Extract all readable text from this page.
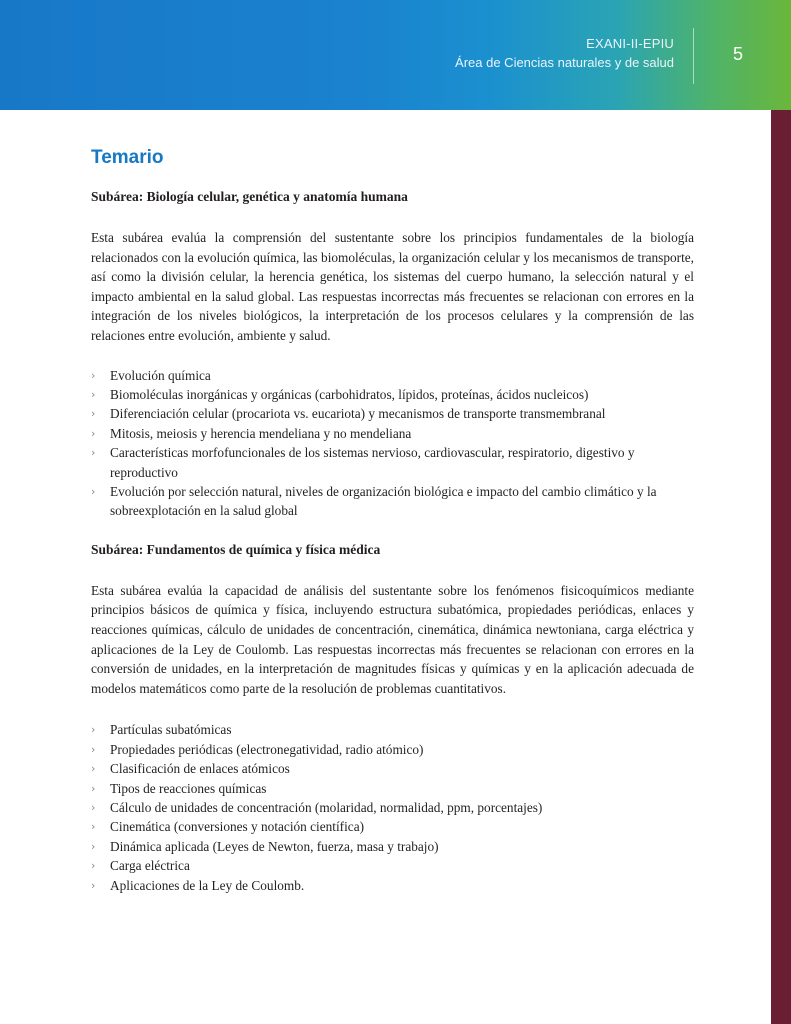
EXANI-II-EPIU
Área de Ciencias naturales y de salud	5
Temario
Subárea: Biología celular, genética y anatomía humana

Esta subárea evalúa la comprensión del sustentante sobre los principios fundamentales de la biología relacionados con la evolución química, las biomoléculas, la organización celular y los mecanismos de transporte, así como la división celular, la herencia genética, los sistemas del cuerpo humano, la selección natural y el impacto ambiental en la salud global. Las respuestas incorrectas más frecuentes se relacionan con errores en la integración de los niveles biológicos, la interpretación de los procesos celulares y la comprensión de las relaciones entre evolución, ambiente y salud.

› Evolución química
› Biomoléculas inorgánicas y orgánicas (carbohidratos, lípidos, proteínas, ácidos nucleicos)
› Diferenciación celular (procariota vs. eucariota) y mecanismos de transporte transmembranal
› Mitosis, meiosis y herencia mendeliana y no mendeliana
› Características morfofuncionales de los sistemas nervioso, cardiovascular, respiratorio, digestivo y reproductivo
› Evolución por selección natural, niveles de organización biológica e impacto del cambio climático y la sobreexplotación en la salud global
Subárea: Fundamentos de química y física médica

Esta subárea evalúa la capacidad de análisis del sustentante sobre los fenómenos fisicoquímicos mediante principios básicos de química y física, incluyendo estructura subatómica, propiedades periódicas, enlaces y reacciones químicas, cálculo de unidades de concentración, cinemática, dinámica newtoniana, carga eléctrica y aplicaciones de la Ley de Coulomb. Las respuestas incorrectas más frecuentes se relacionan con errores en la conversión de unidades, en la interpretación de magnitudes físicas y químicas y en la aplicación adecuada de modelos matemáticos como parte de la resolución de problemas cuantitativos.

› Partículas subatómicas
› Propiedades periódicas (electronegatividad, radio atómico)
› Clasificación de enlaces atómicos
› Tipos de reacciones químicas
› Cálculo de unidades de concentración (molaridad, normalidad, ppm, porcentajes)
› Cinemática (conversiones y notación científica)
› Dinámica aplicada (Leyes de Newton, fuerza, masa y trabajo)
› Carga eléctrica
› Aplicaciones de la Ley de Coulomb.
